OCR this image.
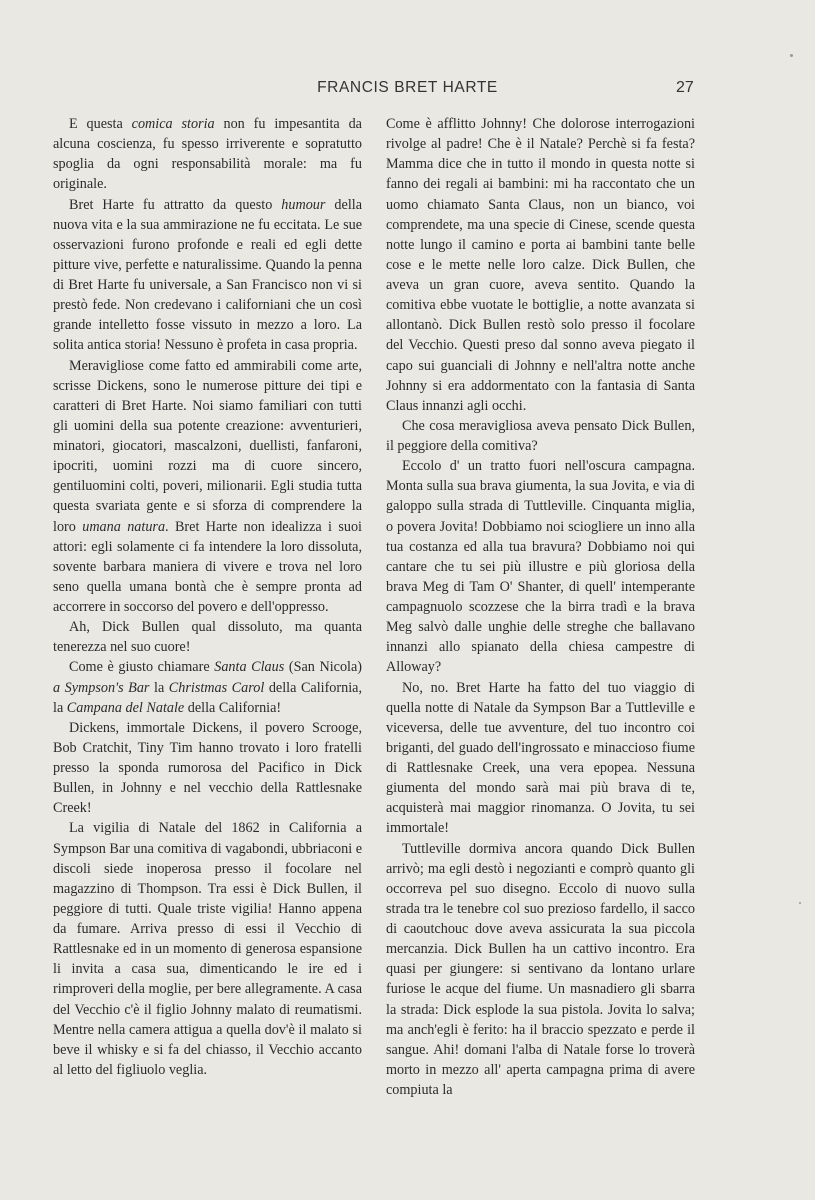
FRANCIS BRET HARTE	27

E questa comica storia non fu impesantita da alcuna coscienza, fu spesso irriverente e sopratutto spoglia da ogni responsabilità morale: ma fu originale.

Bret Harte fu attratto da questo humour della nuova vita e la sua ammirazione ne fu eccitata. Le sue osservazioni furono profonde e reali ed egli dette pitture vive, perfette e naturalissime. Quando la penna di Bret Harte fu universale, a San Francisco non vi si prestò fede. Non credevano i californiani che un così grande intelletto fosse vissuto in mezzo a loro. La solita antica storia! Nessuno è profeta in casa propria.

Meravigliose come fatto ed ammirabili come arte, scrisse Dickens, sono le numerose pitture dei tipi e caratteri di Bret Harte. Noi siamo familiari con tutti gli uomini della sua potente creazione: avventurieri, minatori, giocatori, mascalzoni, duellisti, fanfaroni, ipocriti, uomini rozzi ma di cuore sincero, gentiluomini colti, poveri, milionarii. Egli studia tutta questa svariata gente e si sforza di comprendere la loro umana natura. Bret Harte non idealizza i suoi attori: egli solamente ci fa intendere la loro dissoluta, sovente barbara maniera di vivere e trova nel loro seno quella umana bontà che è sempre pronta ad accorrere in soccorso del povero e dell'oppresso.

Ah, Dick Bullen qual dissoluto, ma quanta tenerezza nel suo cuore!

Come è giusto chiamare Santa Claus (San Nicola) a Sympson's Bar la Christmas Carol della California, la Campana del Natale della California!

Dickens, immortale Dickens, il povero Scrooge, Bob Cratchit, Tiny Tim hanno trovato i loro fratelli presso la sponda rumorosa del Pacifico in Dick Bullen, in Johnny e nel vecchio della Rattlesnake Creek!

La vigilia di Natale del 1862 in California a Sympson Bar una comitiva di vagabondi, ubbriaconi e discoli siede inoperosa presso il focolare nel magazzino di Thompson. Tra essi è Dick Bullen, il peggiore di tutti. Quale triste vigilia! Hanno appena da fumare. Arriva presso di essi il Vecchio di Rattlesnake ed in un momento di generosa espansione li invita a casa sua, dimenticando le ire ed i rimproveri della moglie, per bere allegramente. A casa del Vecchio c'è il figlio Johnny malato di reumatismi. Mentre nella camera attigua a quella dov'è il malato si beve il whisky e si fa del chiasso, il Vecchio accanto al letto del figliuolo veglia.

Come è afflitto Johnny! Che dolorose interrogazioni rivolge al padre! Che è il Natale? Perchè si fa festa? Mamma dice che in tutto il mondo in questa notte si fanno dei regali ai bambini: mi ha raccontato che un uomo chiamato Santa Claus, non un bianco, voi comprendete, ma una specie di Cinese, scende questa notte lungo il camino e porta ai bambini tante belle cose e le mette nelle loro calze. Dick Bullen, che aveva un gran cuore, aveva sentito. Quando la comitiva ebbe vuotate le bottiglie, a notte avanzata si allontanò. Dick Bullen restò solo presso il focolare del Vecchio. Questi preso dal sonno aveva piegato il capo sui guanciali di Johnny e nell'altra notte anche Johnny si era addormentato con la fantasia di Santa Claus innanzi agli occhi.

Che cosa meravigliosa aveva pensato Dick Bullen, il peggiore della comitiva?

Eccolo d' un tratto fuori nell'oscura campagna. Monta sulla sua brava giumenta, la sua Jovita, e via di galoppo sulla strada di Tuttleville. Cinquanta miglia, o povera Jovita! Dobbiamo noi sciogliere un inno alla tua costanza ed alla tua bravura? Dobbiamo noi qui cantare che tu sei più illustre e più gloriosa della brava Meg di Tam O' Shanter, di quell' intemperante campagnuolo scozzese che la birra tradì e la brava Meg salvò dalle unghie delle streghe che ballavano innanzi allo spianato della chiesa campestre di Alloway?

No, no. Bret Harte ha fatto del tuo viaggio di quella notte di Natale da Sympson Bar a Tuttleville e viceversa, delle tue avventure, del tuo incontro coi briganti, del guado dell'ingrossato e minaccioso fiume di Rattlesnake Creek, una vera epopea. Nessuna giumenta del mondo sarà mai più brava di te, acquisterà mai maggior rinomanza. O Jovita, tu sei immortale!

Tuttleville dormiva ancora quando Dick Bullen arrivò; ma egli destò i negozianti e comprò quanto gli occorreva pel suo disegno. Eccolo di nuovo sulla strada tra le tenebre col suo prezioso fardello, il sacco di caoutchouc dove aveva assicurata la sua piccola mercanzia. Dick Bullen ha un cattivo incontro. Era quasi per giungere: si sentivano da lontano urlare furiose le acque del fiume. Un masnadiero gli sbarra la strada: Dick esplode la sua pistola. Jovita lo salva; ma anch'egli è ferito: ha il braccio spezzato e perde il sangue. Ahi! domani l'alba di Natale forse lo troverà morto in mezzo all' aperta campagna prima di avere compiuta la
